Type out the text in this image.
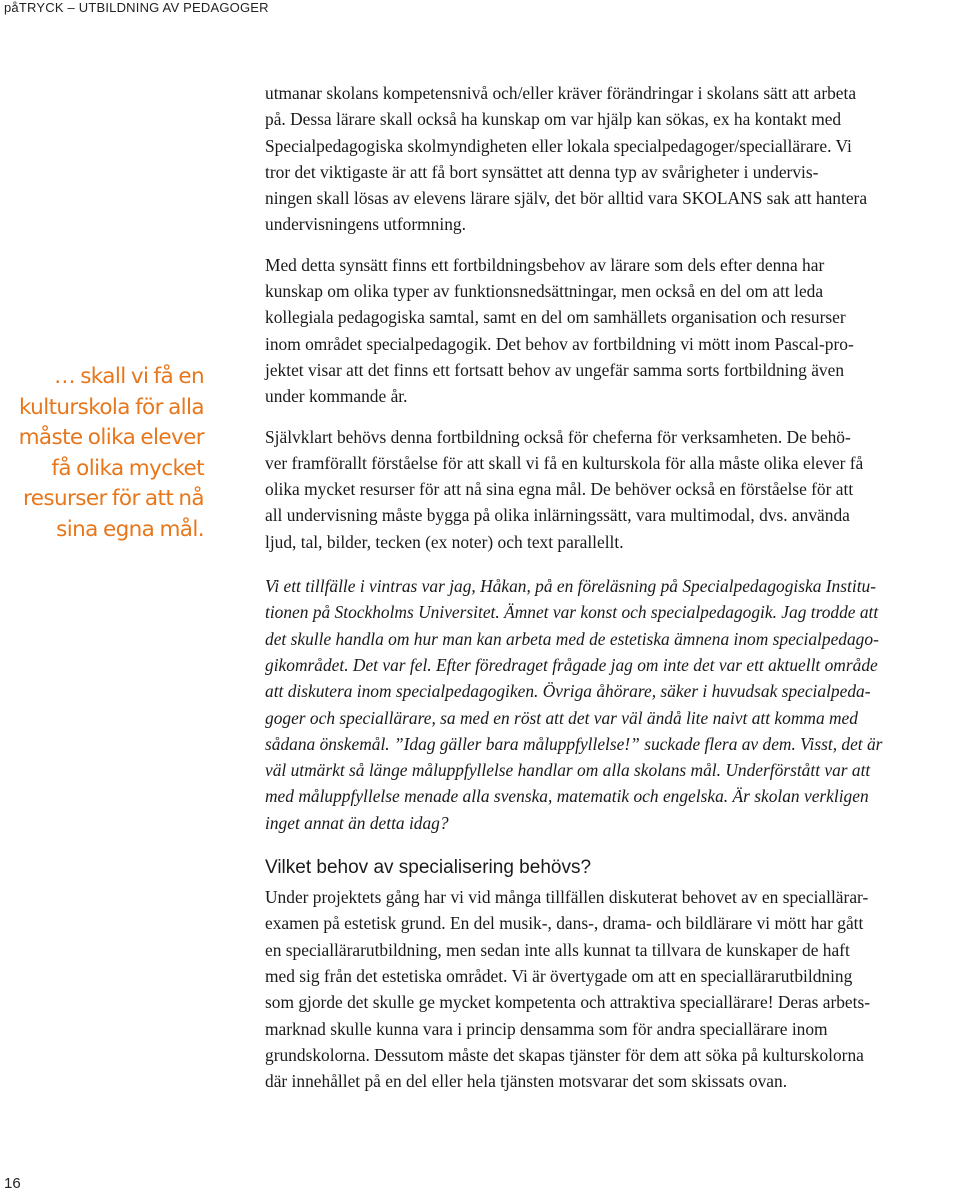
påTRYCK – UTBILDNING AV PEDAGOGER
… skall vi få en
kulturskola för alla
måste olika elever
få olika mycket
resurser för att nå
sina egna mål.

utmanar skolans kompetensnivå och/eller kräver förändringar i skolans sätt att arbeta
på. Dessa lärare skall också ha kunskap om var hjälp kan sökas, ex ha kontakt med
Specialpedagogiska skolmyndigheten eller lokala specialpedagoger/speciallärare. Vi
tror det viktigaste är att få bort synsättet att denna typ av svårigheter i undervis-
ningen skall lösas av elevens lärare själv, det bör alltid vara SKOLANS sak att hantera
undervisningens utformning.

Med detta synsätt finns ett fortbildningsbehov av lärare som dels efter denna har
kunskap om olika typer av funktionsnedsättningar, men också en del om att leda
kollegiala pedagogiska samtal, samt en del om samhällets organisation och resurser
inom området specialpedagogik. Det behov av fortbildning vi mött inom Pascal-pro-
jektet visar att det finns ett fortsatt behov av ungefär samma sorts fortbildning även
under kommande år.

Självklart behövs denna fortbildning också för cheferna för verksamheten. De behö-
ver framförallt förståelse för att skall vi få en kulturskola för alla måste olika elever få
olika mycket resurser för att nå sina egna mål. De behöver också en förståelse för att
all undervisning måste bygga på olika inlärningssätt, vara multimodal, dvs. använda
ljud, tal, bilder, tecken (ex noter) och text parallellt.

Vi ett tillfälle i vintras var jag, Håkan, på en föreläsning på Specialpedagogiska Institu-
tionen på Stockholms Universitet. Ämnet var konst och specialpedagogik. Jag trodde att
det skulle handla om hur man kan arbeta med de estetiska ämnena inom specialpedago-
gikområdet. Det var fel. Efter föredraget frågade jag om inte det var ett aktuellt område
att diskutera inom specialpedagogiken. Övriga åhörare, säker i huvudsak specialpeda-
goger och speciallärare, sa med en röst att det var väl ändå lite naivt att komma med
sådana önskemål. ”Idag gäller bara måluppfyllelse!” suckade flera av dem. Visst, det är
väl utmärkt så länge måluppfyllelse handlar om alla skolans mål. Underförstått var att
med måluppfyllelse menade alla svenska, matematik och engelska. Är skolan verkligen
inget annat än detta idag?

Vilket behov av specialisering behövs?

Under projektets gång har vi vid många tillfällen diskuterat behovet av en speciallärar-
examen på estetisk grund. En del musik-, dans-, drama- och bildlärare vi mött har gått
en speciallärarutbildning, men sedan inte alls kunnat ta tillvara de kunskaper de haft
med sig från det estetiska området. Vi är övertygade om att en speciallärarutbildning
som gjorde det skulle ge mycket kompetenta och attraktiva speciallärare! Deras arbets-
marknad skulle kunna vara i princip densamma som för andra speciallärare inom
grundskolorna. Dessutom måste det skapas tjänster för dem att söka på kulturskolorna
där innehållet på en del eller hela tjänsten motsvarar det som skissats ovan.

16
